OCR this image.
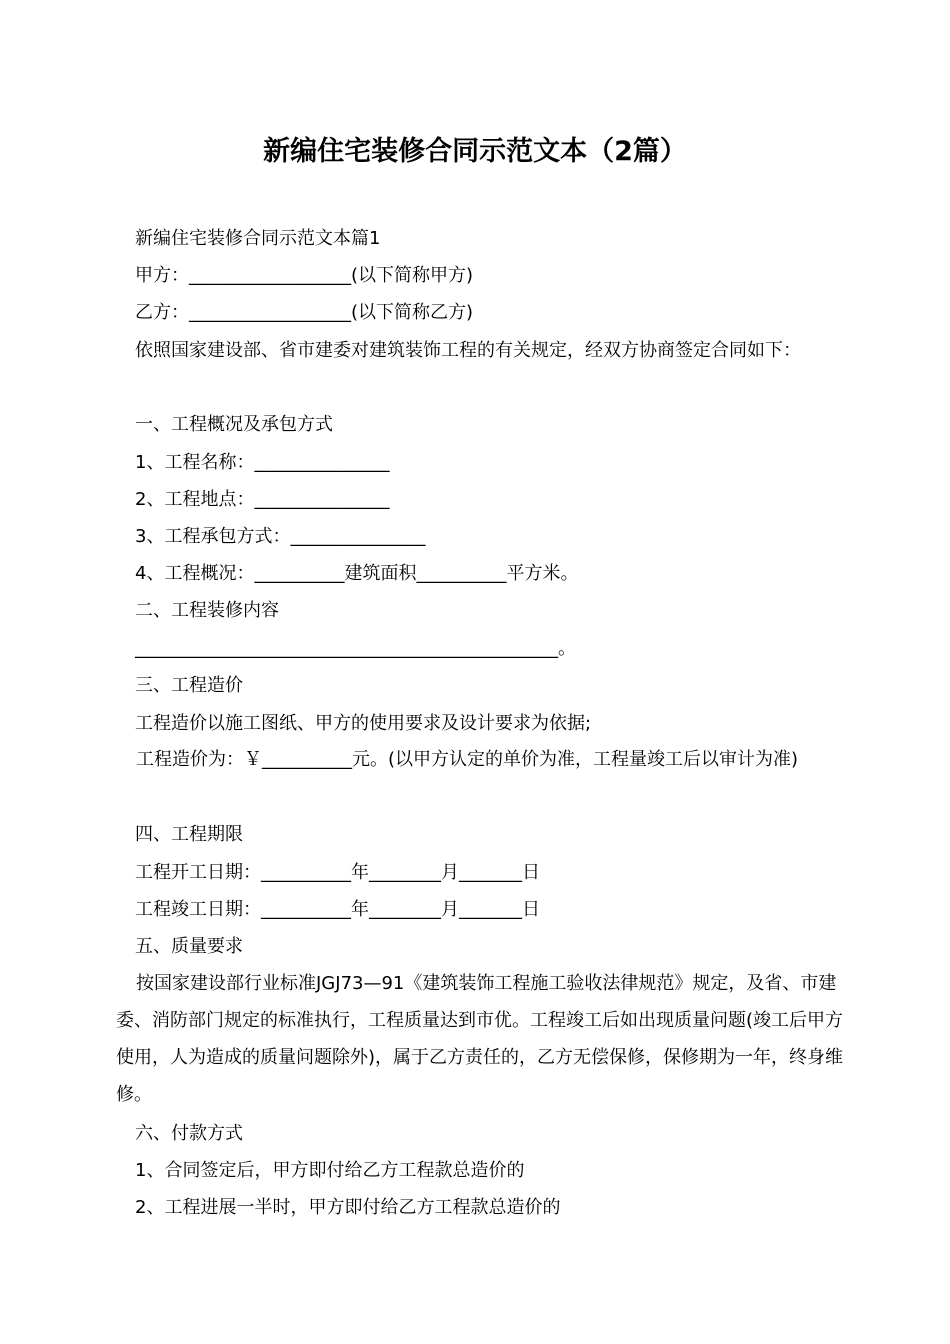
新编住宅装修合同示范文本（2篇）
新编住宅装修合同示范文本篇1
甲方：__________________(以下简称甲方)
乙方：__________________(以下简称乙方)
依照国家建设部、省市建委对建筑装饰工程的有关规定，经双方协商签定合同如下：
一、工程概况及承包方式
1、工程名称：_______________
2、工程地点：_______________
3、工程承包方式：_______________
4、工程概况：__________建筑面积__________平方米。
二、工程装修内容
_______________________________________________。
三、工程造价
工程造价以施工图纸、甲方的使用要求及设计要求为依据;
工程造价为：￥__________元。(以甲方认定的单价为准，工程量竣工后以审计为准)
四、工程期限
工程开工日期：__________年________月_______日
工程竣工日期：__________年________月_______日
五、质量要求
按国家建设部行业标准JGJ73—91《建筑装饰工程施工验收法律规范》规定，及省、市建委、消防部门规定的标准执行，工程质量达到市优。工程竣工后如出现质量问题(竣工后甲方使用，人为造成的质量问题除外)，属于乙方责任的，乙方无偿保修，保修期为一年，终身维修。
六、付款方式
1、合同签定后，甲方即付给乙方工程款总造价的
2、工程进展一半时，甲方即付给乙方工程款总造价的
